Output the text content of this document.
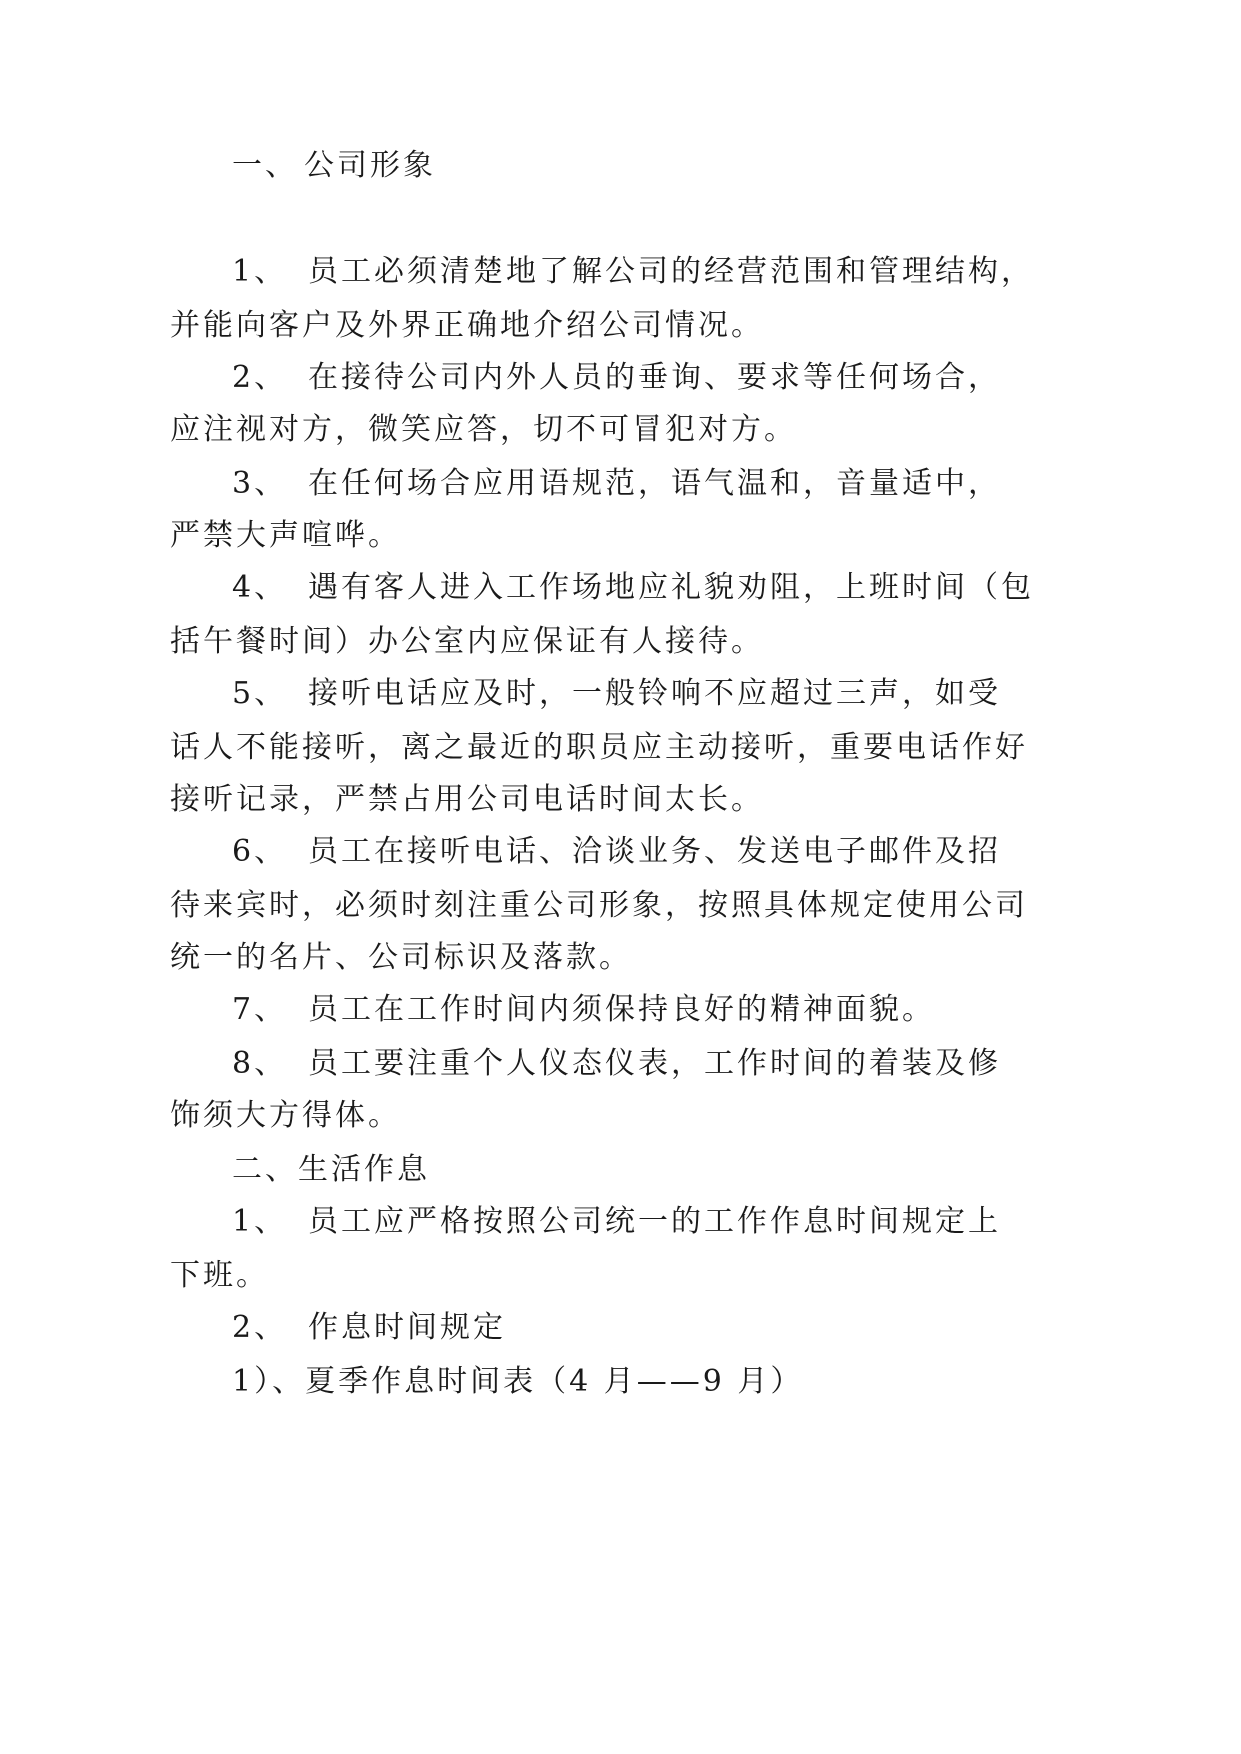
一、 公司形象
1、 员工必须清楚地了解公司的经营范围和管理结构，
并能向客户及外界正确地介绍公司情况。
2、 在接待公司内外人员的垂询、要求等任何场合，
应注视对方，微笑应答，切不可冒犯对方。
3、 在任何场合应用语规范，语气温和，音量适中，
严禁大声喧哗。
4、 遇有客人进入工作场地应礼貌劝阻，上班时间（包
括午餐时间）办公室内应保证有人接待。
5、 接听电话应及时，一般铃响不应超过三声，如受
话人不能接听，离之最近的职员应主动接听，重要电话作好
接听记录，严禁占用公司电话时间太长。
6、 员工在接听电话、洽谈业务、发送电子邮件及招
待来宾时，必须时刻注重公司形象，按照具体规定使用公司
统一的名片、公司标识及落款。
7、 员工在工作时间内须保持良好的精神面貌。
8、 员工要注重个人仪态仪表，工作时间的着装及修
饰须大方得体。
二、生活作息
1、 员工应严格按照公司统一的工作作息时间规定上
下班。
2、 作息时间规定
1）、夏季作息时间表（4 月——9 月）
